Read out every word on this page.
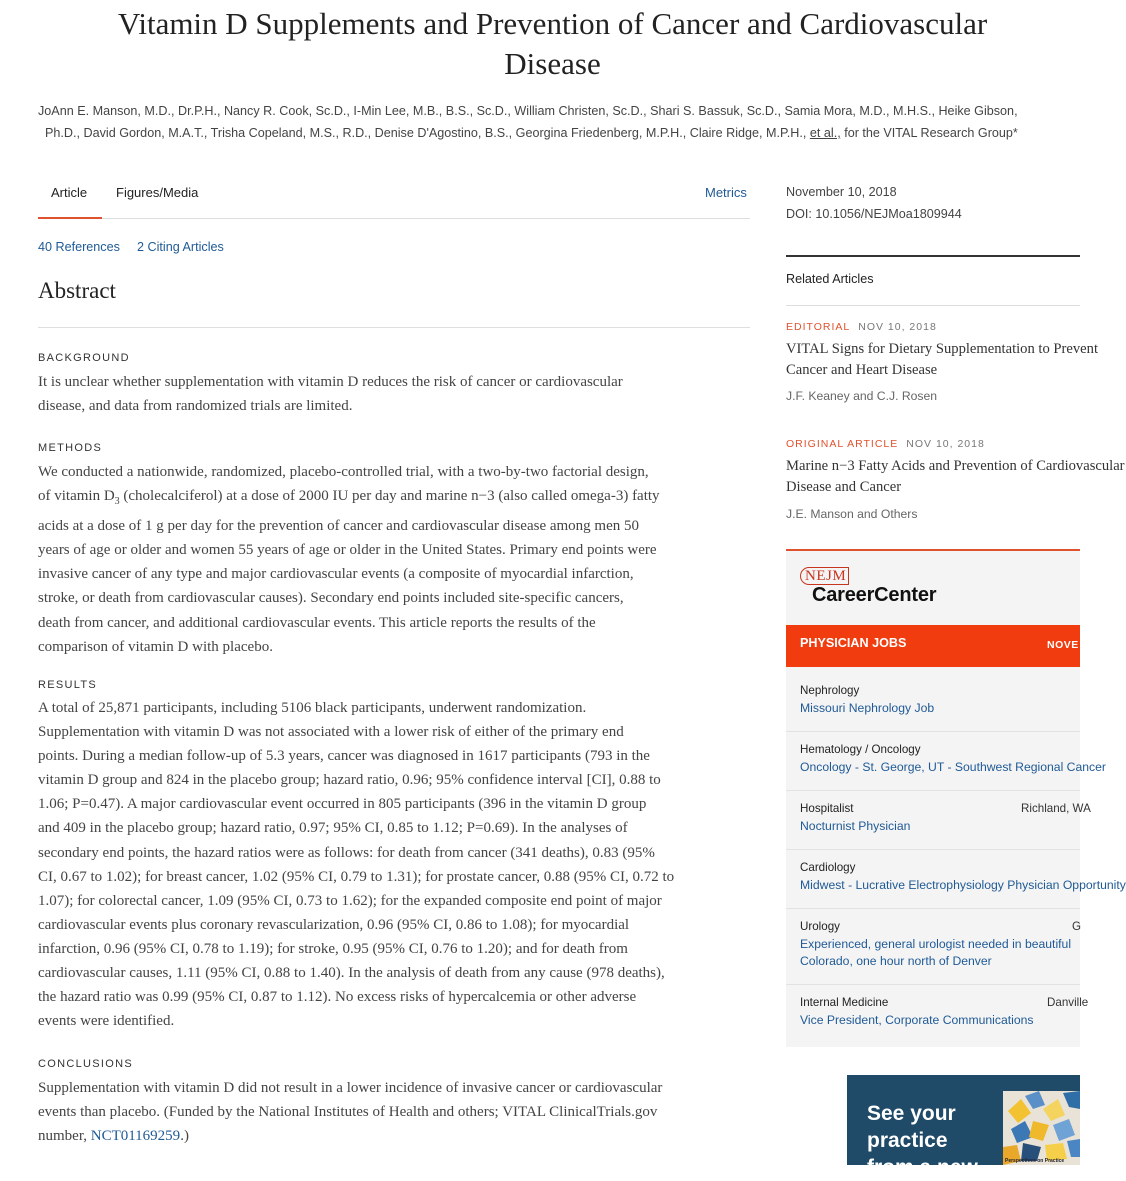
Vitamin D Supplements and Prevention of Cancer and Cardiovascular
Disease
JoAnn E. Manson, M.D., Dr.P.H., Nancy R. Cook, Sc.D., I-Min Lee, M.B., B.S., Sc.D., William Christen, Sc.D., Shari S. Bassuk, Sc.D., Samia Mora, M.D., M.H.S., Heike Gibson,
Ph.D., David Gordon, M.A.T., Trisha Copeland, M.S., R.D., Denise D'Agostino, B.S., Georgina Friedenberg, M.P.H., Claire Ridge, M.P.H., et al., for the VITAL Research Group*
Article Figures/Media	Metrics
40 References 2 Citing Articles
Abstract
BACKGROUND
It is unclear whether supplementation with vitamin D reduces the risk of cancer or cardiovascular
disease, and data from randomized trials are limited.
METHODS
We conducted a nationwide, randomized, placebo-controlled trial, with a two-by-two factorial design,
of vitamin $D_3$ (cholecalciferol) at a dose of 2000 IU per day and marine n−3 (also called omega-3) fatty
acids at a dose of 1 g per day for the prevention of cancer and cardiovascular disease among men 50
years of age or older and women 55 years of age or older in the United States. Primary end points were
invasive cancer of any type and major cardiovascular events (a composite of myocardial infarction,
stroke, or death from cardiovascular causes). Secondary end points included site-specific cancers,
death from cancer, and additional cardiovascular events. This article reports the results of the
comparison of vitamin D with placebo.
RESULTS
A total of 25,871 participants, including 5106 black participants, underwent randomization.
Supplementation with vitamin D was not associated with a lower risk of either of the primary end
points. During a median follow-up of 5.3 years, cancer was diagnosed in 1617 participants (793 in the
vitamin D group and 824 in the placebo group; hazard ratio, 0.96; 95% confidence interval [CI], 0.88 to
1.06; P=0.47). A major cardiovascular event occurred in 805 participants (396 in the vitamin D group
and 409 in the placebo group; hazard ratio, 0.97; 95% CI, 0.85 to 1.12; P=0.69). In the analyses of
secondary end points, the hazard ratios were as follows: for death from cancer (341 deaths), 0.83 (95%
CI, 0.67 to 1.02); for breast cancer, 1.02 (95% CI, 0.79 to 1.31); for prostate cancer, 0.88 (95% CI, 0.72 to
1.07); for colorectal cancer, 1.09 (95% CI, 0.73 to 1.62); for the expanded composite end point of major
cardiovascular events plus coronary revascularization, 0.96 (95% CI, 0.86 to 1.08); for myocardial
infarction, 0.96 (95% CI, 0.78 to 1.19); for stroke, 0.95 (95% CI, 0.76 to 1.20); and for death from
cardiovascular causes, 1.11 (95% CI, 0.88 to 1.40). In the analysis of death from any cause (978 deaths),
the hazard ratio was 0.99 (95% CI, 0.87 to 1.12). No excess risks of hypercalcemia or other adverse
events were identified.
CONCLUSIONS
Supplementation with vitamin D did not result in a lower incidence of invasive cancer or cardiovascular
events than placebo. (Funded by the National Institutes of Health and others; VITAL ClinicalTrials.gov
number, NCT01169259.)
November 10, 2018
DOI: 10.1056/NEJMoa1809944
Related Articles
EDITORIAL NOV 10, 2018
VITAL Signs for Dietary Supplementation to Prevent
Cancer and Heart Disease
J.F. Keaney and C.J. Rosen
ORIGINAL ARTICLE NOV 10, 2018
Marine n−3 Fatty Acids and Prevention of Cardiovascular
Disease and Cancer
J.E. Manson and Others
NEJM
CareerCenter
PHYSICIAN JOBS	NOVE
Nephrology
Missouri Nephrology Job
Hematology / Oncology
Oncology - St. George, UT - Southwest Regional Cancer
Hospitalist	Richland, WA
Nocturnist Physician
Cardiology
Midwest - Lucrative Electrophysiology Physician Opportunity
Urology	G
Experienced, general urologist needed in beautiful
Colorado, one hour north of Denver
Internal Medicine	Danville
Vice President, Corporate Communications
See your
practice
from a new	Perspectives on Practice
